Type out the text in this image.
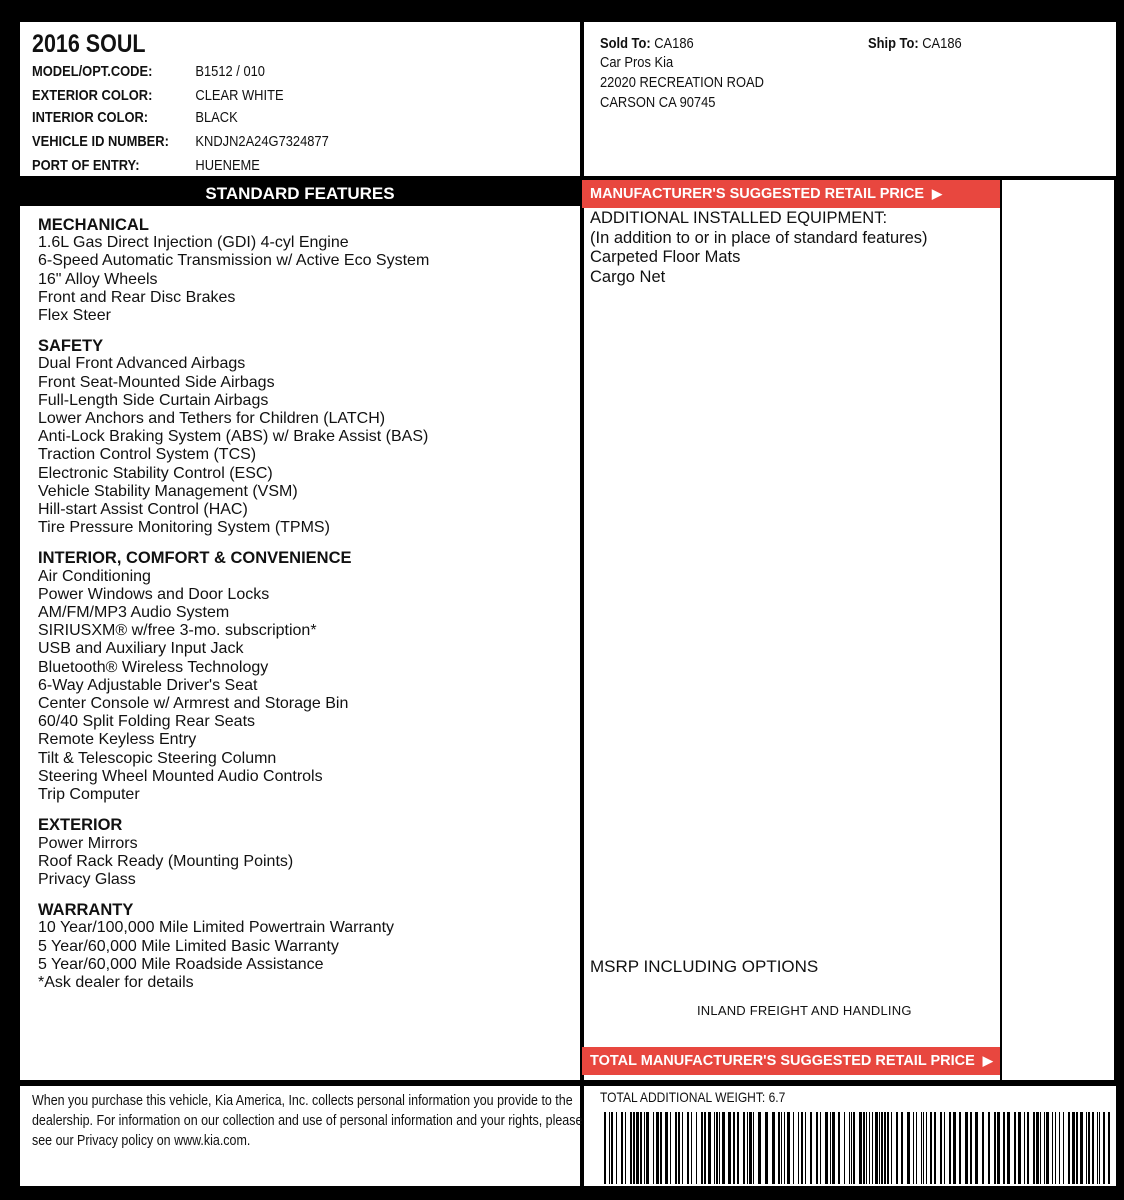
2016 SOUL
MODEL/OPT.CODE:	B1512 / 010
EXTERIOR COLOR:	CLEAR WHITE
INTERIOR COLOR:	BLACK
VEHICLE ID NUMBER: KNDJN2A24G7324877
PORT OF ENTRY:	HUENEME
Sold To: CA186	Ship To: CA186
Car Pros Kia
22020 RECREATION ROAD
CARSON CA 90745
STANDARD FEATURES
MECHANICAL
1.6L Gas Direct Injection (GDI) 4-cyl Engine
6-Speed Automatic Transmission w/ Active Eco System
16" Alloy Wheels
Front and Rear Disc Brakes
Flex Steer
SAFETY
Dual Front Advanced Airbags
Front Seat-Mounted Side Airbags
Full-Length Side Curtain Airbags
Lower Anchors and Tethers for Children (LATCH)
Anti-Lock Braking System (ABS) w/ Brake Assist (BAS)
Traction Control System (TCS)
Electronic Stability Control (ESC)
Vehicle Stability Management (VSM)
Hill-start Assist Control (HAC)
Tire Pressure Monitoring System (TPMS)
INTERIOR, COMFORT & CONVENIENCE
Air Conditioning
Power Windows and Door Locks
AM/FM/MP3 Audio System
SIRIUSXM® w/free 3-mo. subscription*
USB and Auxiliary Input Jack
Bluetooth® Wireless Technology
6-Way Adjustable Driver's Seat
Center Console w/ Armrest and Storage Bin
60/40 Split Folding Rear Seats
Remote Keyless Entry
Tilt & Telescopic Steering Column
Steering Wheel Mounted Audio Controls
Trip Computer
EXTERIOR
Power Mirrors
Roof Rack Ready (Mounting Points)
Privacy Glass
WARRANTY
10 Year/100,000 Mile Limited Powertrain Warranty
5 Year/60,000 Mile Limited Basic Warranty
5 Year/60,000 Mile Roadside Assistance
*Ask dealer for details
MANUFACTURER'S SUGGESTED RETAIL PRICE ▶
ADDITIONAL INSTALLED EQUIPMENT:
(In addition to or in place of standard features)
Carpeted Floor Mats
Cargo Net
MSRP INCLUDING OPTIONS
INLAND FREIGHT AND HANDLING
TOTAL MANUFACTURER'S SUGGESTED RETAIL PRICE ▶
When you purchase this vehicle, Kia America, Inc. collects personal information you provide to the dealership. For information on our collection and use of personal information and your rights, please see our Privacy policy on www.kia.com.
TOTAL ADDITIONAL WEIGHT: 6.7
